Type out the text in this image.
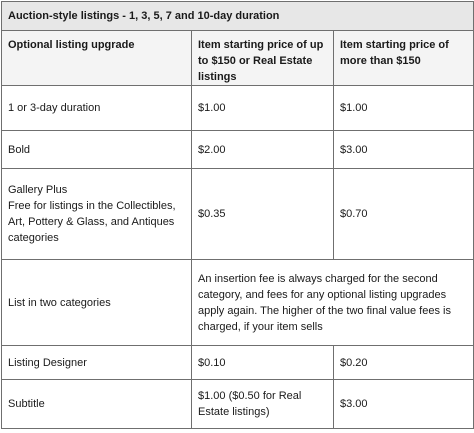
Auction-style listings - 1, 3, 5, 7 and 10-day duration		
Optional listing upgrade	Item starting price of up to $150 or Real Estate listings	Item starting price of more than $150
1 or 3-day duration	$1.00	$1.00
Bold	$2.00	$3.00
Gallery Plus
Free for listings in the Collectibles, Art, Pottery & Glass, and Antiques categories	$0.35	$0.70
List in two categories	An insertion fee is always charged for the second category, and fees for any optional listing upgrades apply again. The higher of the two final value fees is charged, if your item sells	
Listing Designer	$0.10	$0.20
Subtitle	$1.00 ($0.50 for Real Estate listings)	$3.00
